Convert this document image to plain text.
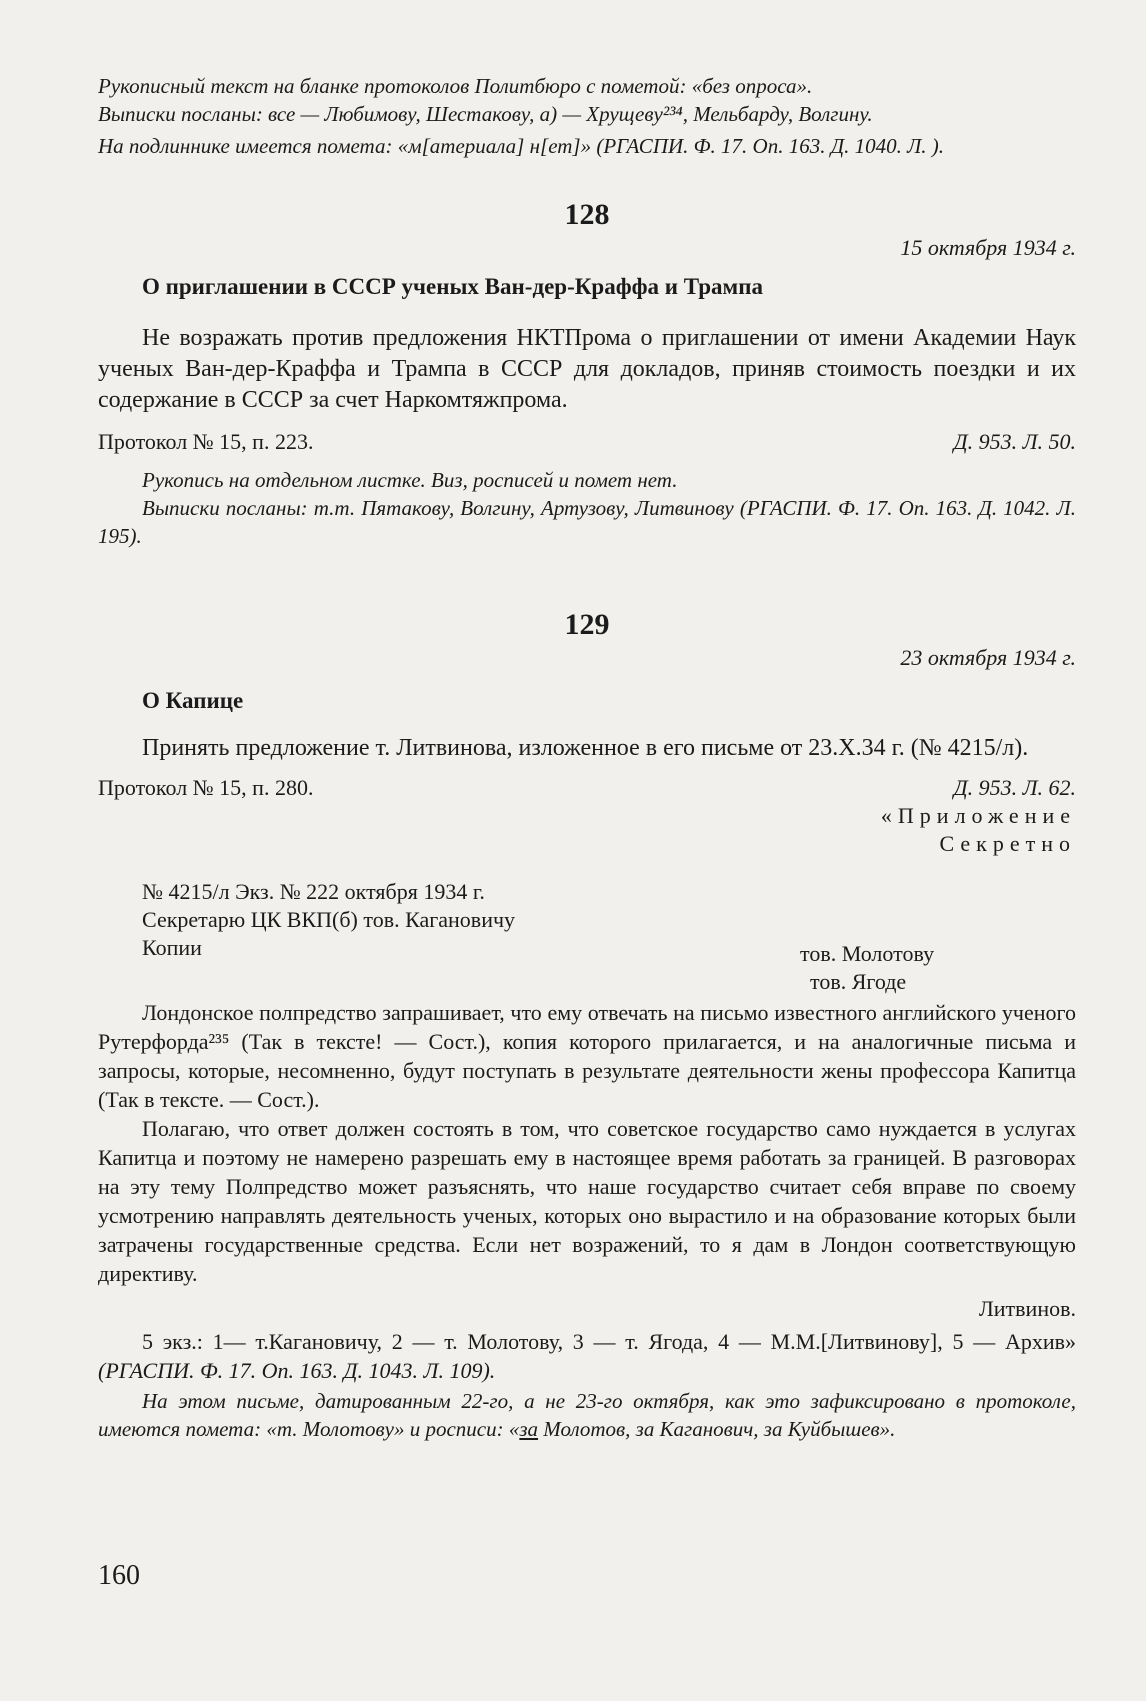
Рукописный текст на бланке протоколов Политбюро с пометой: «без опроса».

Выписки посланы: все — Любимову, Шестакову, а) — Хрущеву²³⁴, Мельбарду, Волгину.

На подлиннике имеется помета: «м[атериала] н[ет]» (РГАСПИ. Ф. 17. Оп. 163. Д. 1040. Л. ).

128

15 октября 1934 г.

О приглашении в СССР ученых Ван-дер-Краффа и Трампа

Не возражать против предложения НКТПрома о приглашении от имени Академии Наук ученых Ван-дер-Краффа и Трампа в СССР для докладов, приняв стоимость поездки и их содержание в СССР за счет Наркомтяжпрома.

Протокол № 15, п. 223.	Д. 953. Л. 50.

Рукопись на отдельном листке. Виз, росписей и помет нет.

Выписки посланы: т.т. Пятакову, Волгину, Артузову, Литвинову (РГАСПИ. Ф. 17. Оп. 163. Д. 1042. Л. 195).

129

23 октября 1934 г.

О Капице

Принять предложение т. Литвинова, изложенное в его письме от 23.Х.34 г. (№ 4215/л).

Протокол № 15, п. 280.	Д. 953. Л. 62.

«Приложение

Секретно

№ 4215/л Экз. № 222 октября 1934 г.

Секретарю ЦК ВКП(б) тов. Кагановичу

Копии	тов. Молотову
тов. Ягоде

Лондонское полпредство запрашивает, что ему отвечать на письмо известного английского ученого Рутерфорда²³⁵ (Так в тексте! — Сост.), копия которого прилагается, и на аналогичные письма и запросы, которые, несомненно, будут поступать в результате деятельности жены профессора Капитца (Так в тексте. — Сост.).

Полагаю, что ответ должен состоять в том, что советское государство само нуждается в услугах Капитца и поэтому не намерено разрешать ему в настоящее время работать за границей. В разговорах на эту тему Полпредство может разъяснять, что наше государство считает себя вправе по своему усмотрению направлять деятельность ученых, которых оно вырастило и на образование которых были затрачены государственные средства. Если нет возражений, то я дам в Лондон соответствующую директиву.

Литвинов.

5 экз.: 1— т.Кагановичу, 2 — т. Молотову, 3 — т. Ягода, 4 — М.М.[Литвинову], 5 — Архив» (РГАСПИ. Ф. 17. Оп. 163. Д. 1043. Л. 109).

На этом письме, датированным 22-го, а не 23-го октября, как это зафиксировано в протоколе, имеются помета: «т. Молотову» и росписи: «за Молотов, за Каганович, за Куйбышев».

160
